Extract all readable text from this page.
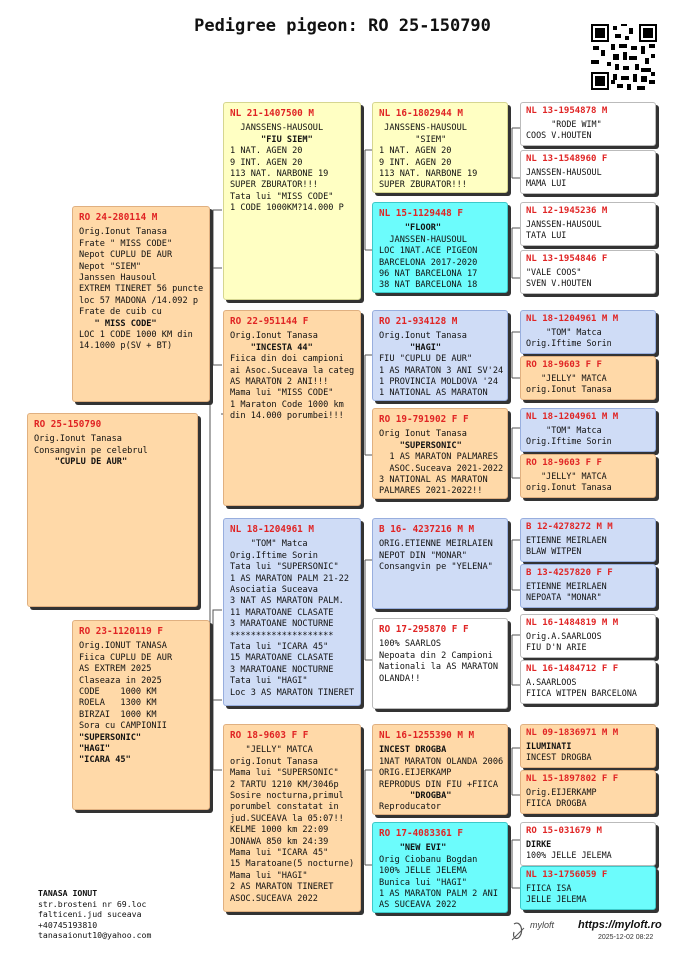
Pedigree pigeon: RO 25-150790
RO 25-150790
Orig.Ionut Tanasa
Consangvin pe celebrul
"CUPLU DE AUR"
RO 24-280114 M
Orig.Ionut Tanasa
Frate " MISS CODE"
Nepot CUPLU DE AUR
Nepot "SIEM"
Janssen Hausoul
EXTREM TINERET 56 puncte
loc 57 MADONA /14.092 p
Frate de cuib cu
" MISS CODE"
LOC 1 CODE 1000 KM din
14.1000 p(SV + BT)
RO 23-1120119 F
Orig.IONUT TANASA
Fiica CUPLU DE AUR
AS EXTREM 2025
Claseaza in 2025
CODE    1000 KM
ROELA   1300 KM
BIRZAI  1000 KM
Sora cu CAMPIONII
"SUPERSONIC"
"HAGI"
"ICARA 45"
NL 21-1407500 M
JANSSENS-HAUSOUL
"FIU SIEM"
1 NAT. AGEN 20
9 INT. AGEN 20
113 NAT. NARBONE 19
SUPER ZBURATOR!!!
Tata lui "MISS CODE"
1 CODE 1000KM?14.000 P
RO 22-951144 F
Orig.Ionut Tanasa
"INCESTA 44"
Fiica din doi campioni
ai Asoc.Suceava la categ
AS MARATON 2 ANI!!!
Mama lui "MISS CODE"
1 Maraton Code 1000 km
din 14.000 porumbei!!!
NL 18-1204961 M
"TOM" Matca
Orig.Iftime Sorin
Tata lui "SUPERSONIC"
1 AS MARATON PALM 21-22
Asociatia Suceava
3 NAT AS MARATON PALM.
11 MARATOANE CLASATE
3 MARATOANE NOCTURNE
********************
Tata lui "ICARA 45"
15 MARATOANE CLASATE
3 MARATOANE NOCTURNE
Tata lui "HAGI"
Loc 3 AS MARATON TINERET
RO 18-9603 F F
"JELLY" MATCA
orig.Ionut Tanasa
Mama lui "SUPERSONIC"
2 TARTU 1210 KM/3046p
Sosire nocturna,primul
porumbel constatat in
jud.SUCEAVA la 05:07!!
KELME 1000 km 22:09
JONAWA 850 km 24:39
Mama lui "ICARA 45"
15 Maratoane(5 nocturne)
Mama lui "HAGI"
2 AS MARATON TINERET
ASOC.SUCEAVA 2022
NL 16-1802944 M
JANSSENS-HAUSOUL
"SIEM"
1 NAT. AGEN 20
9 INT. AGEN 20
113 NAT. NARBONE 19
SUPER ZBURATOR!!!
NL 15-1129448 F
"FLOOR"
JANSSEN-HAUSOUL
LOC 1NAT.ACE PIGEON
BARCELONA 2017-2020
96 NAT BARCELONA 17
38 NAT BARCELONA 18
RO 21-934128 M
Orig.Ionut Tanasa
"HAGI"
FIU "CUPLU DE AUR"
1 AS MARATON 3 ANI SV'24
1 PROVINCIA MOLDOVA '24
1 NATIONAL AS MARATON
RO 19-791902 F F
Orig Ionut Tanasa
"SUPERSONIC"
1 AS MARATON PALMARES
ASOC.Suceava 2021-2022
3 NATIONAL AS MARATON
PALMARES 2021-2022!!
B 16- 4237216 M M
ORIG.ETIENNE MEIRLAIEN
NEPOT DIN "MONAR"
Consangvin pe "YELENA"
RO 17-295870 F F
100% SAARLOS
Nepoata din 2 Campioni
Nationali la AS MARATON
OLANDA!!
NL 16-1255390 M M
INCEST DROGBA
1NAT MARATON OLANDA 2006
ORIG.EIJERKAMP
REPRODUS DIN FIU +FIICA
"DROGBA"
Reproducator
RO 17-4083361 F
"NEW EVI"
Orig Ciobanu Bogdan
100% JELLE JELEMA
Bunica lui "HAGI"
1 AS MARATON PALM 2 ANI
AS SUCEAVA 2022
NL 13-1954878 M
"RODE WIM"
COOS V.HOUTEN
NL 13-1548960 F
JANSSEN-HAUSOUL
MAMA LUI
NL 12-1945236 M
JANSSEN-HAUSOUL
TATA LUI
NL 13-1954846 F
"VALE COOS"
SVEN V.HOUTEN
NL 18-1204961 M M
"TOM" Matca
Orig.Iftime Sorin
RO 18-9603 F F
"JELLY" MATCA
orig.Ionut Tanasa
NL 18-1204961 M M
"TOM" Matca
Orig.Iftime Sorin
RO 18-9603 F F
"JELLY" MATCA
orig.Ionut Tanasa
B 12-4278272 M M
ETIENNE MEIRLAEN
BLAW WITPEN
B 13-4257820 F F
ETIENNE MEIRLAEN
NEPOATA "MONAR"
NL 16-1484819 M M
Orig.A.SAARLOOS
FIU D'N ARIE
NL 16-1484712 F F
A.SAARLOOS
FIICA WITPEN BARCELONA
NL 09-1836971 M M
ILUMINATI
INCEST DROGBA
NL 15-1897802 F F
Orig.EIJERKAMP
FIICA DROGBA
RO 15-031679 M
DIRKE
100% JELLE JELEMA
NL 13-1756059 F
FIICA ISA
JELLE JELEMA
TANASA IONUT
str.brosteni nr 69.loc
falticeni.jud suceava
+40745193810
tanasaionut10@yahoo.com
myloft https://myloft.ro
2025-12-02 08:22
